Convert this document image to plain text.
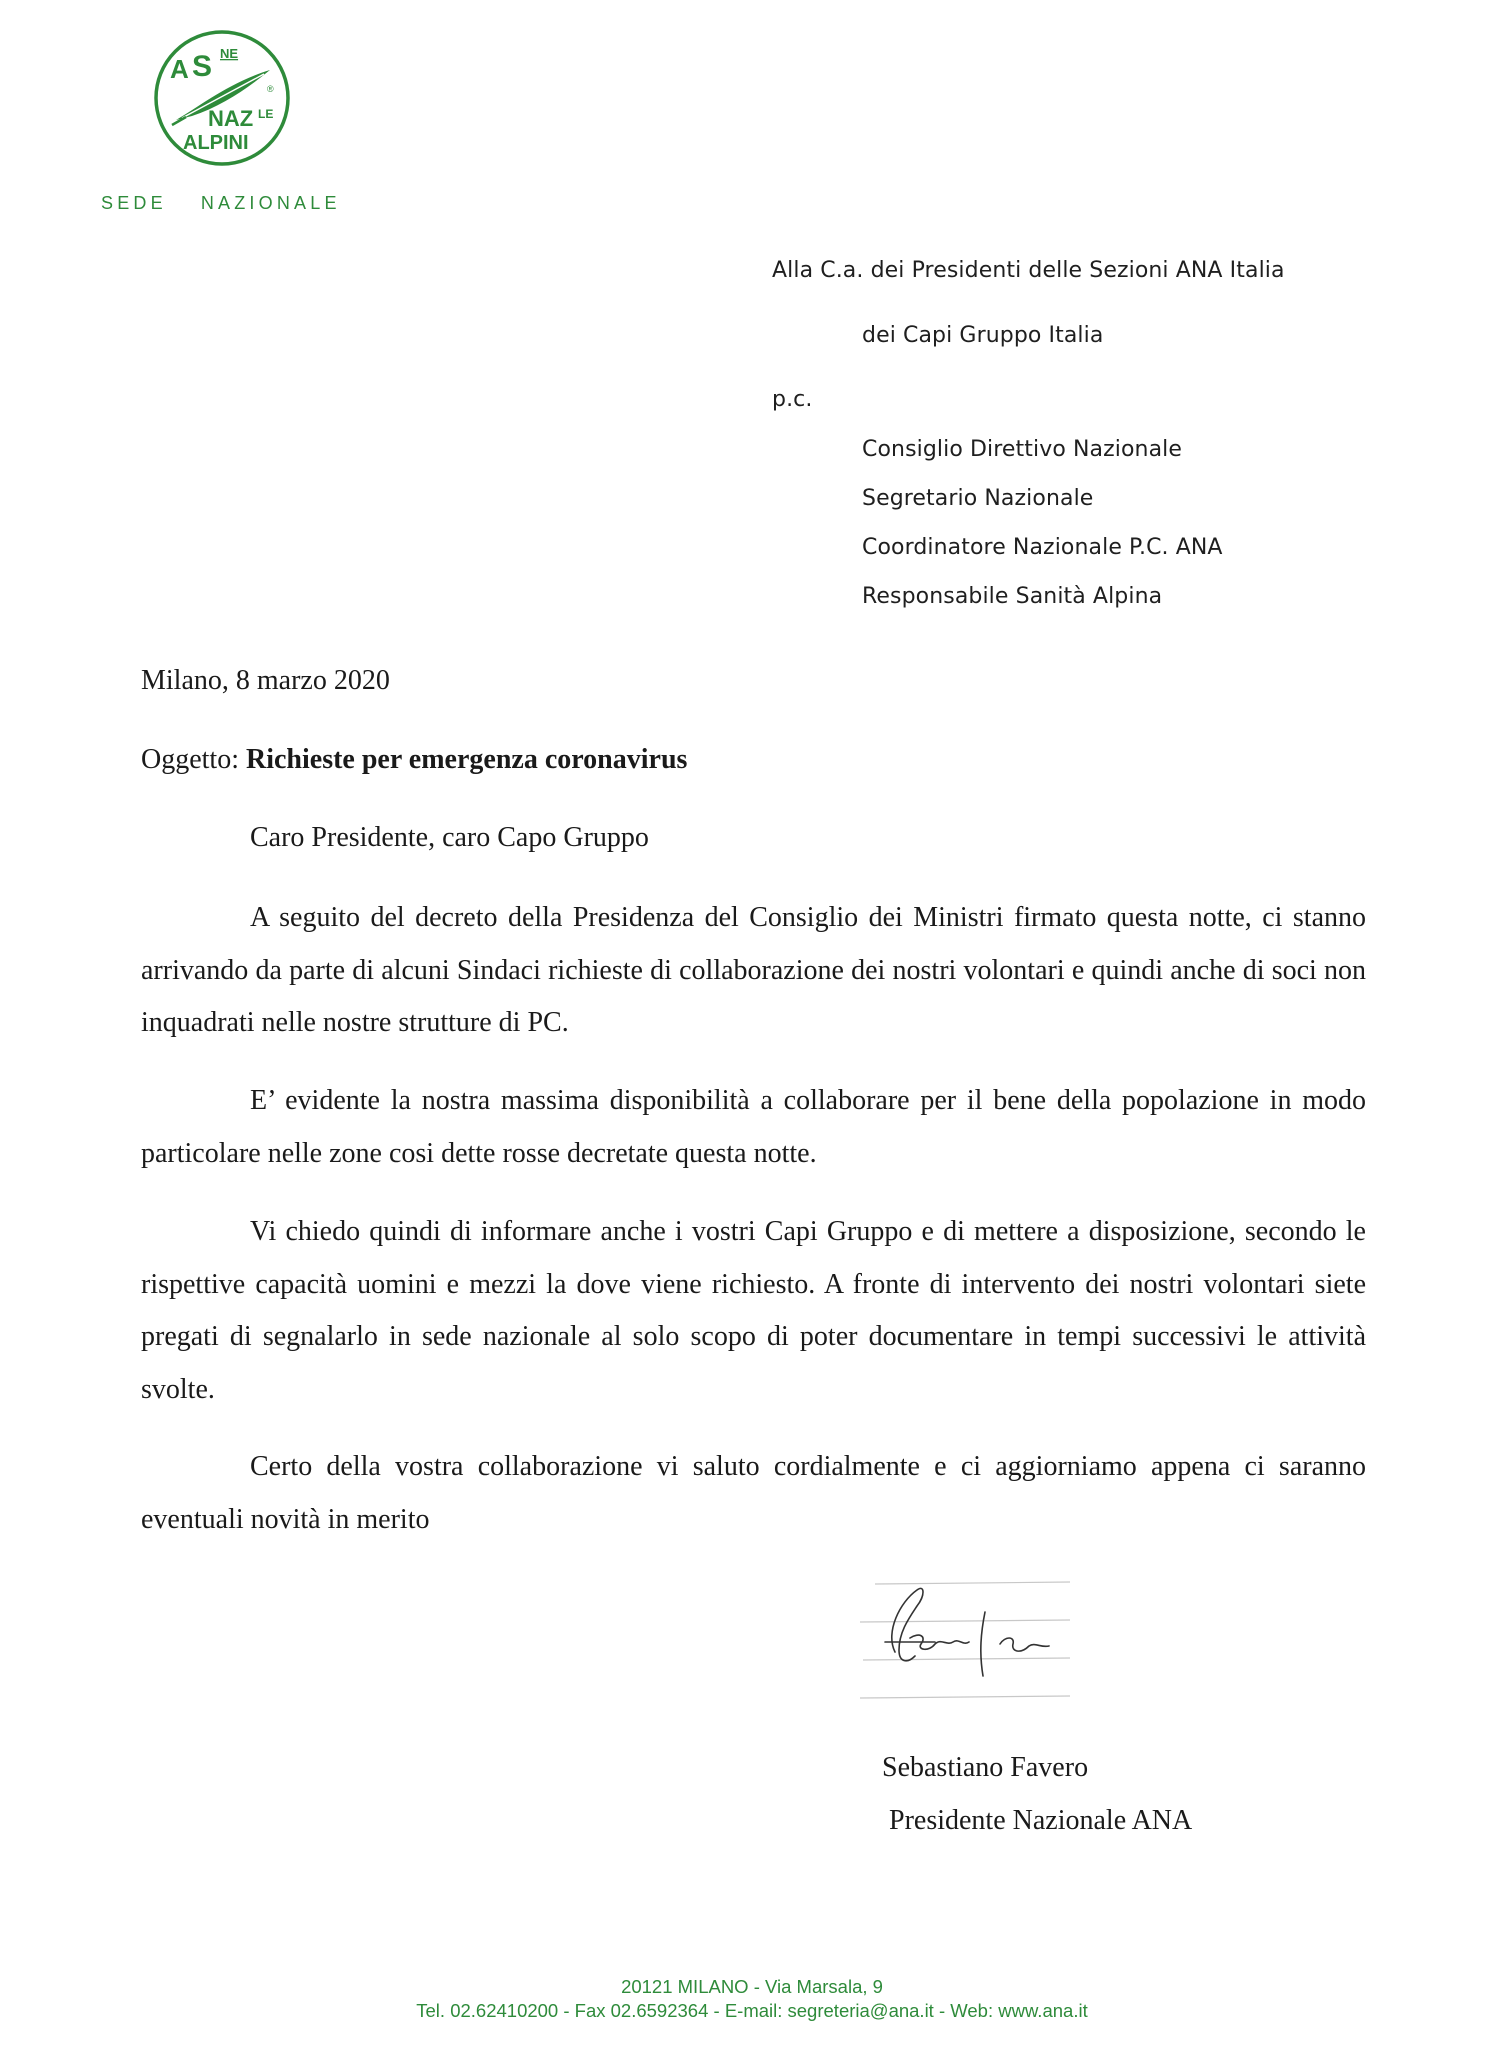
A S NE
NAZ LE
ALPINI
®
SEDE NAZIONALE
Alla C.a. dei Presidenti delle Sezioni ANA Italia
dei Capi Gruppo Italia
p.c.
Consiglio Direttivo Nazionale
Segretario Nazionale
Coordinatore Nazionale P.C. ANA
Responsabile Sanità Alpina
Milano, 8 marzo 2020
Oggetto: Richieste per emergenza coronavirus
Caro Presidente, caro Capo Gruppo
A seguito del decreto della Presidenza del Consiglio dei Ministri firmato questa notte, ci stanno arrivando da parte di alcuni Sindaci richieste di collaborazione dei nostri volontari e quindi anche di soci non inquadrati nelle nostre strutture di PC.
E’ evidente la nostra massima disponibilità a collaborare per il bene della popolazione in modo particolare nelle zone cosi dette rosse decretate questa notte.
Vi chiedo quindi di informare anche i vostri Capi Gruppo e di mettere a disposizione, secondo le rispettive capacità uomini e mezzi la dove viene richiesto. A fronte di intervento dei nostri volontari siete pregati di segnalarlo in sede nazionale al solo scopo di poter documentare in tempi successivi le attività svolte.
Certo della vostra collaborazione vi saluto cordialmente e ci aggiorniamo appena ci saranno eventuali novità in merito
Sebastiano Favero
Presidente Nazionale ANA
20121 MILANO - Via Marsala, 9
Tel. 02.62410200 - Fax 02.6592364 - E-mail: segreteria@ana.it - Web: www.ana.it
